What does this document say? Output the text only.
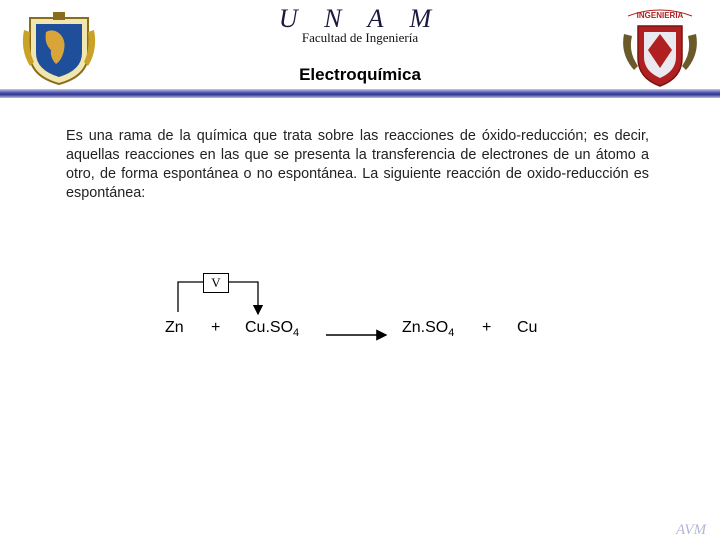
U N A M
Facultad de Ingeniería
INGENIERIA
Electroquímica
Es una rama de la química que trata sobre las reacciones de óxido-reducción; es decir, aquellas reacciones en las que se presenta la transferencia de electrones de un átomo a otro, de forma espontánea o no espontánea. La siguiente reacción de oxido-reducción es espontánea:
V
$Zn + Cu.SO_4$	$Zn.SO_4 + Cu$
AVM
